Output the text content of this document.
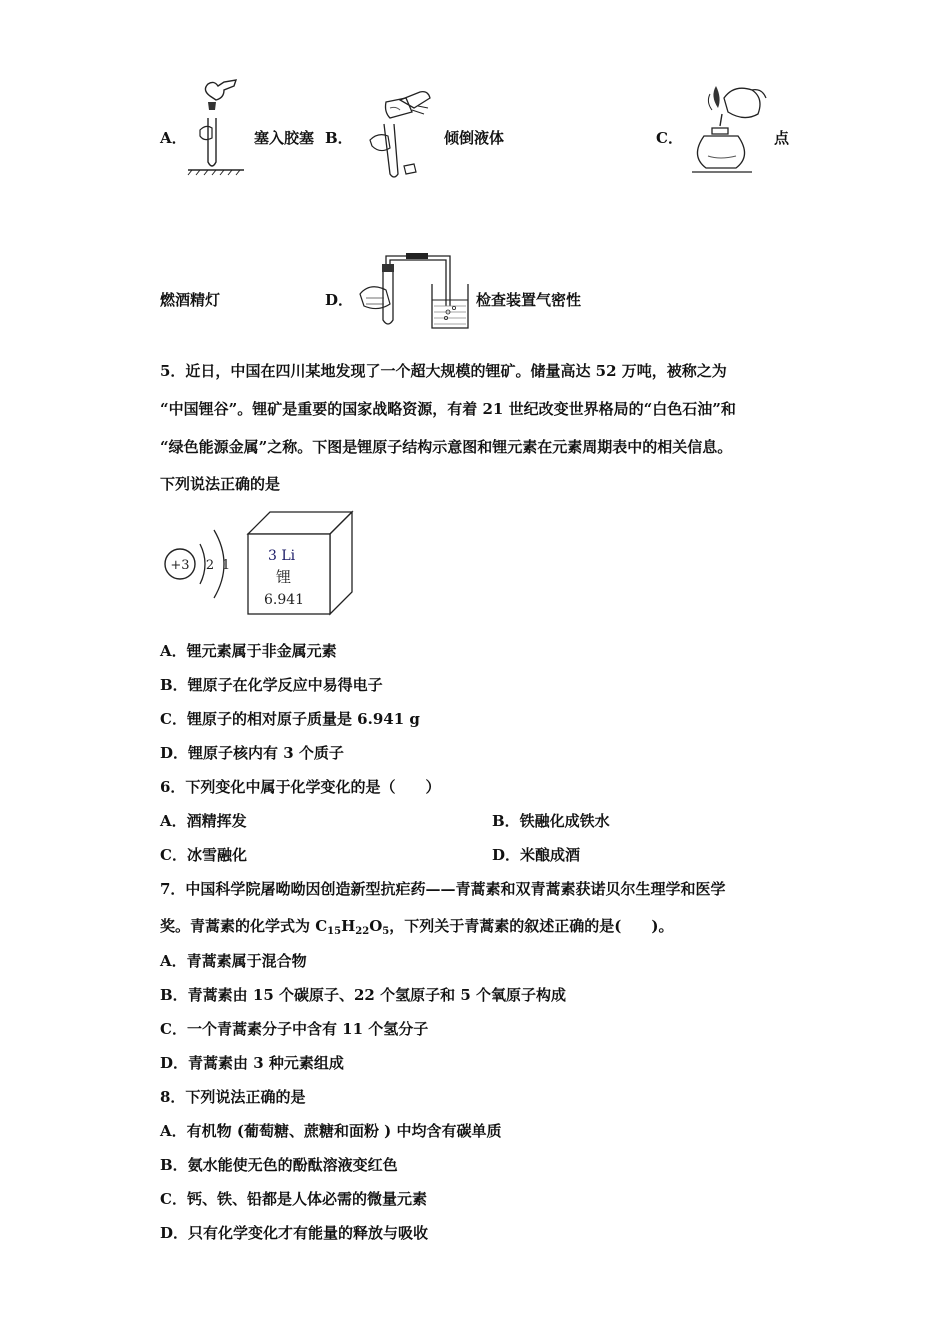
A．	塞入胶塞 B．	倾倒液体	C．	点
燃酒精灯	D．	检查装置气密性
5．近日，中国在四川某地发现了一个超大规模的锂矿。储量高达 52 万吨，被称之为
“中国锂谷”。锂矿是重要的国家战略资源，有着 21 世纪改变世界格局的“白色石油”和
“绿色能源金属”之称。下图是锂原子结构示意图和锂元素在元素周期表中的相关信息。
下列说法正确的是
+3 2 1
3 Li
锂
6.941
A．锂元素属于非金属元素
B．锂原子在化学反应中易得电子
C．锂原子的相对原子质量是 6.941 g
D．锂原子核内有 3 个质子
6．下列变化中属于化学变化的是（　　）
A．酒精挥发	B．铁融化成铁水
C．冰雪融化	D．米酿成酒
7．中国科学院屠呦呦因创造新型抗疟药——青蒿素和双青蒿素获诺贝尔生理学和医学
奖。青蒿素的化学式为 $C_{15}H_{22}O_5$，下列关于青蒿素的叙述正确的是(　　)。
A．青蒿素属于混合物
B．青蒿素由 15 个碳原子、22 个氢原子和 5 个氧原子构成
C．一个青蒿素分子中含有 11 个氢分子
D．青蒿素由 3 种元素组成
8．下列说法正确的是
A．有机物 (葡萄糖、蔗糖和面粉 ) 中均含有碳单质
B．氨水能使无色的酚酞溶液变红色
C．钙、铁、铅都是人体必需的微量元素
D．只有化学变化才有能量的释放与吸收
